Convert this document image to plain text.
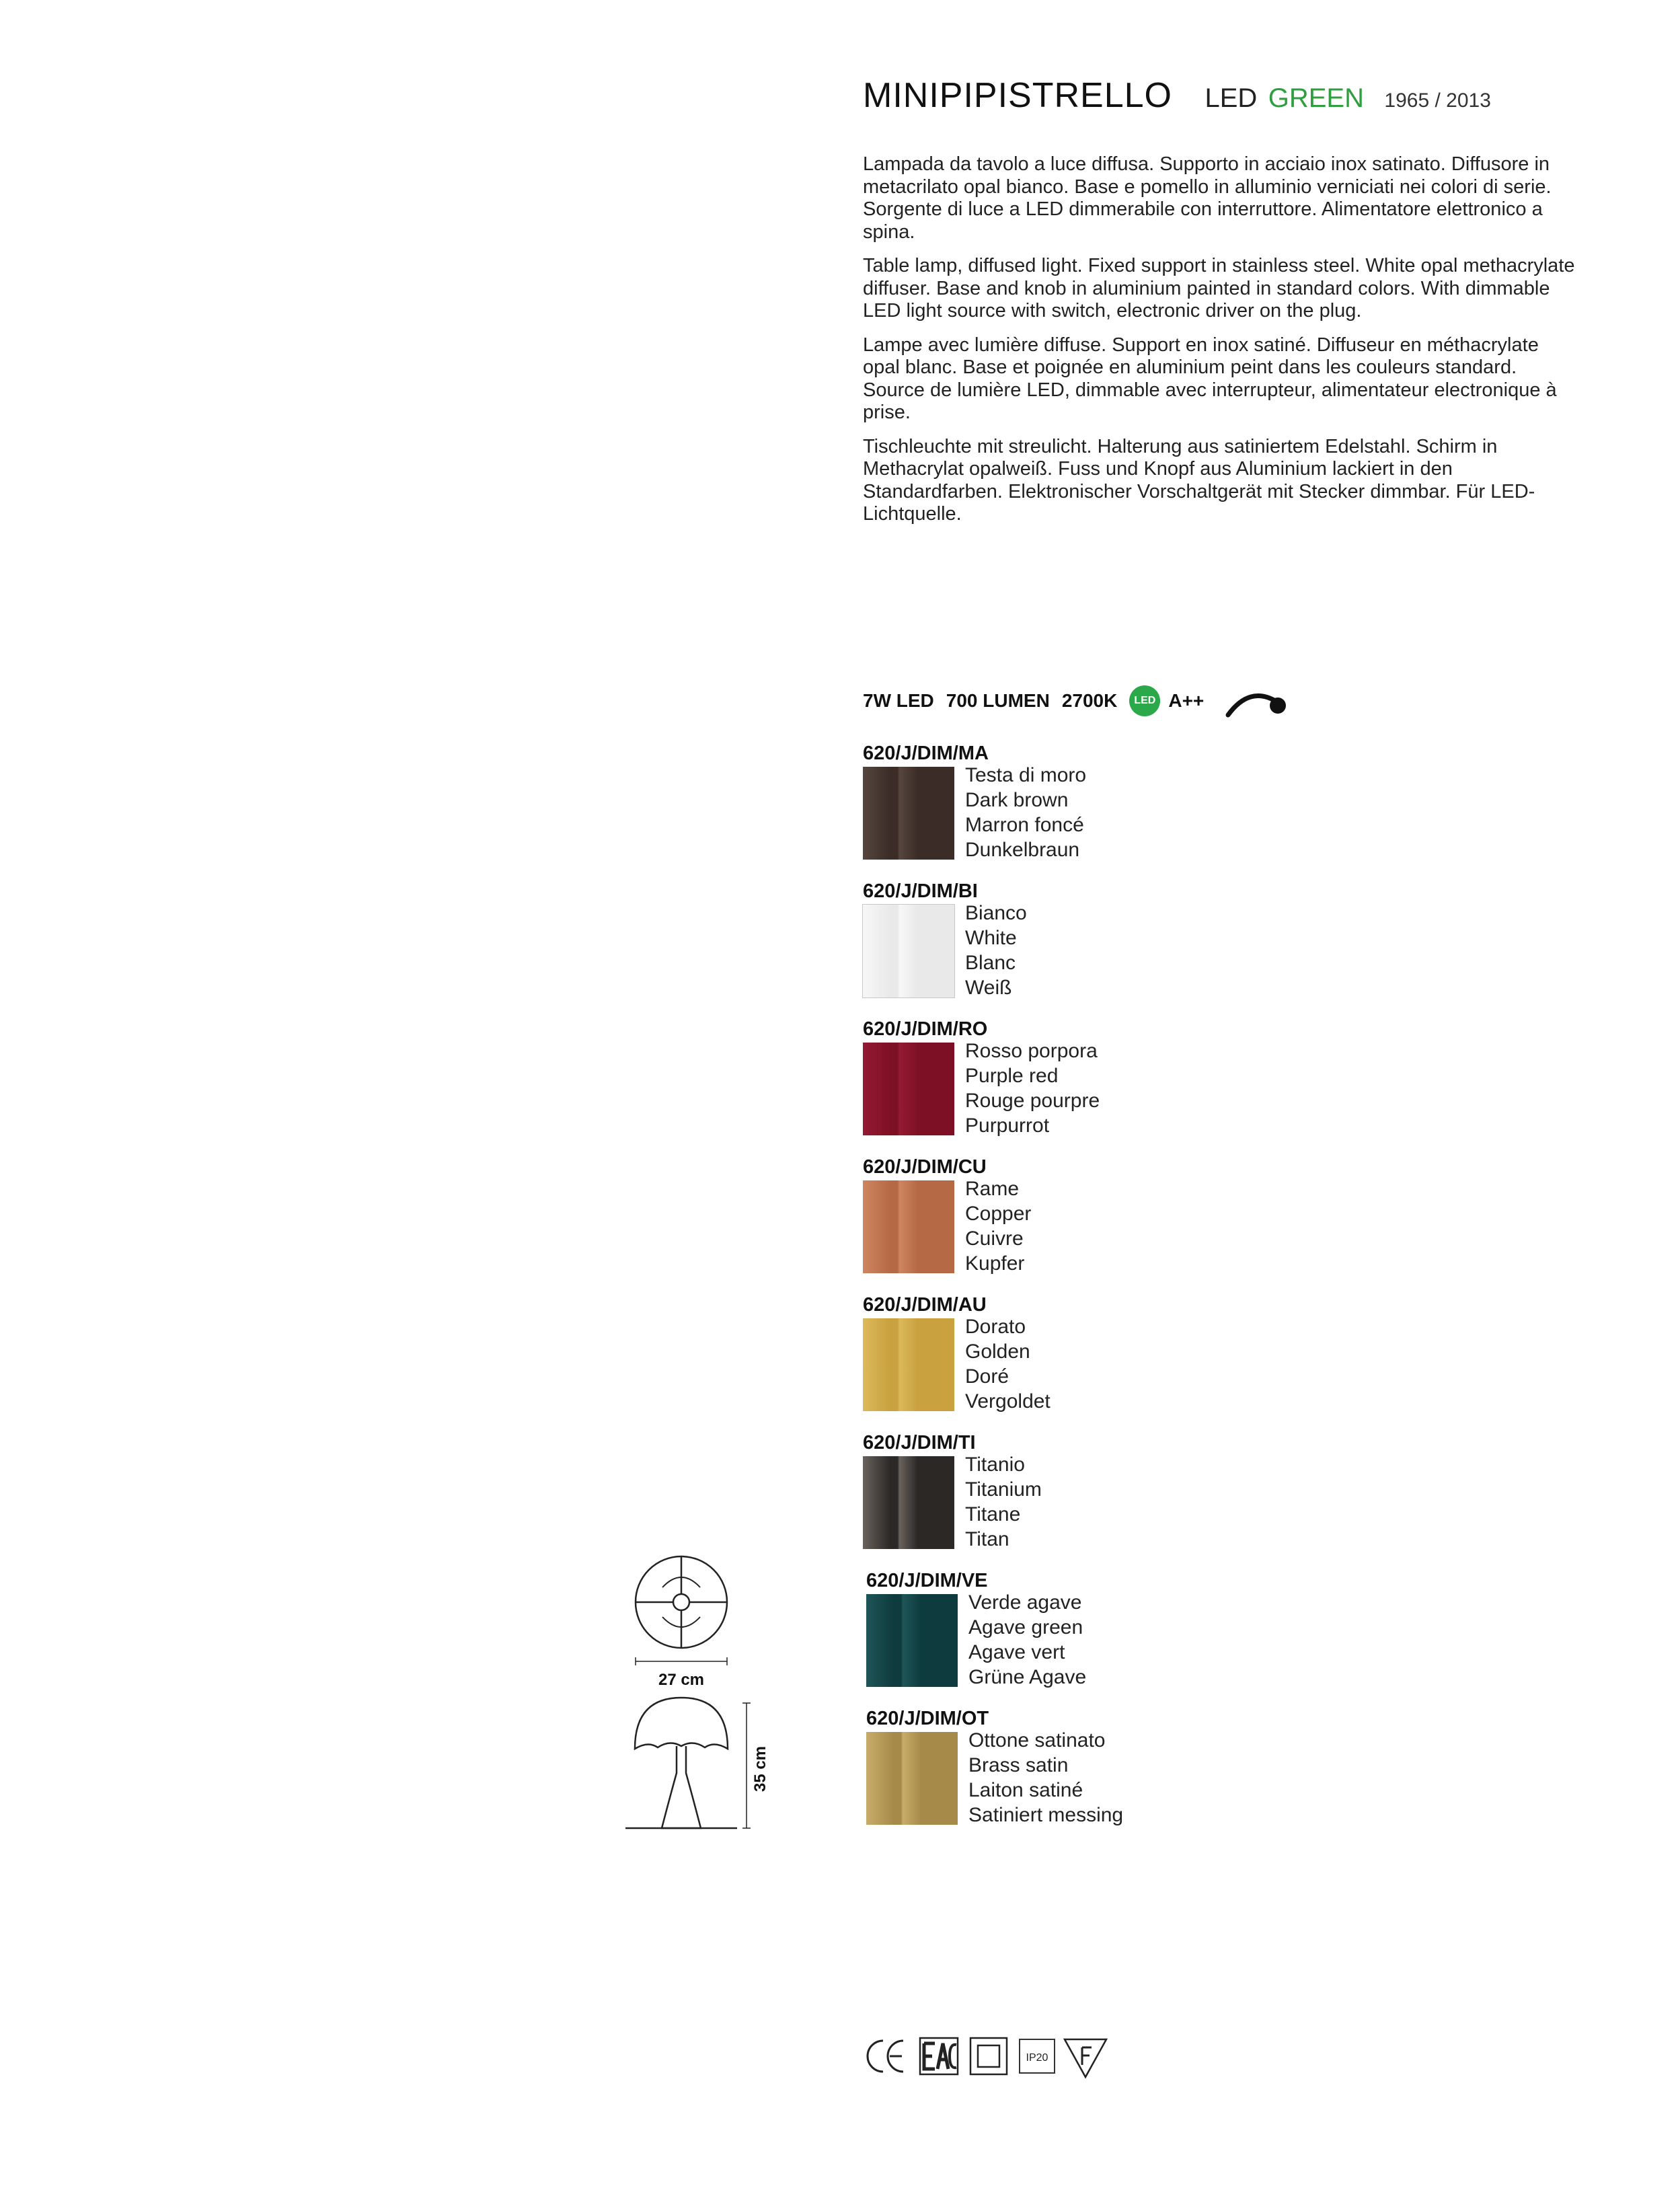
MINIPIPISTRELLO LED GREEN 1965 / 2013

Lampada da tavolo a luce diffusa. Supporto in acciaio inox satinato. Diffusore in metacrilato opal bianco. Base e pomello in alluminio verniciati nei colori di serie. Sorgente di luce a LED dimmerabile con interruttore. Alimentatore elettronico a spina.

Table lamp, diffused light. Fixed support in stainless steel. White opal methacrylate diffuser. Base and knob in aluminium painted in standard colors. With dimmable LED light source with switch, electronic driver on the plug.

Lampe avec lumière diffuse. Support en inox satiné. Diffuseur en méthacrylate opal blanc. Base et poignée en aluminium peint dans les couleurs standard. Source de lumière LED, dimmable avec interrupteur, alimentateur electronique à prise.

Tischleuchte mit streulicht. Halterung aus satiniertem Edelstahl. Schirm in Methacrylat opalweiß. Fuss und Knopf aus Aluminium lackiert in den Standardfarben. Elektronischer Vorschaltgerät mit Stecker dimmbar. Für LED-Lichtquelle.

7W LED 700 LUMEN 2700K	LED A++
620/J/DIM/MA
Testa di moro
Dark brown
Marron foncé
Dunkelbraun
620/J/DIM/BI
Bianco
White
Blanc
Weiß
620/J/DIM/RO
Rosso porpora
Purple red
Rouge pourpre
Purpurrot
620/J/DIM/CU
Rame
Copper
Cuivre
Kupfer
620/J/DIM/AU
Dorato
Golden
Doré
Vergoldet
620/J/DIM/TI
Titanio
Titanium
Titane
Titan
620/J/DIM/VE
Verde agave
Agave green
Agave vert
Grüne Agave
620/J/DIM/OT
Ottone satinato
Brass satin
Laiton satiné
Satiniert messing
27 cm
35 cm
CE
IP20
